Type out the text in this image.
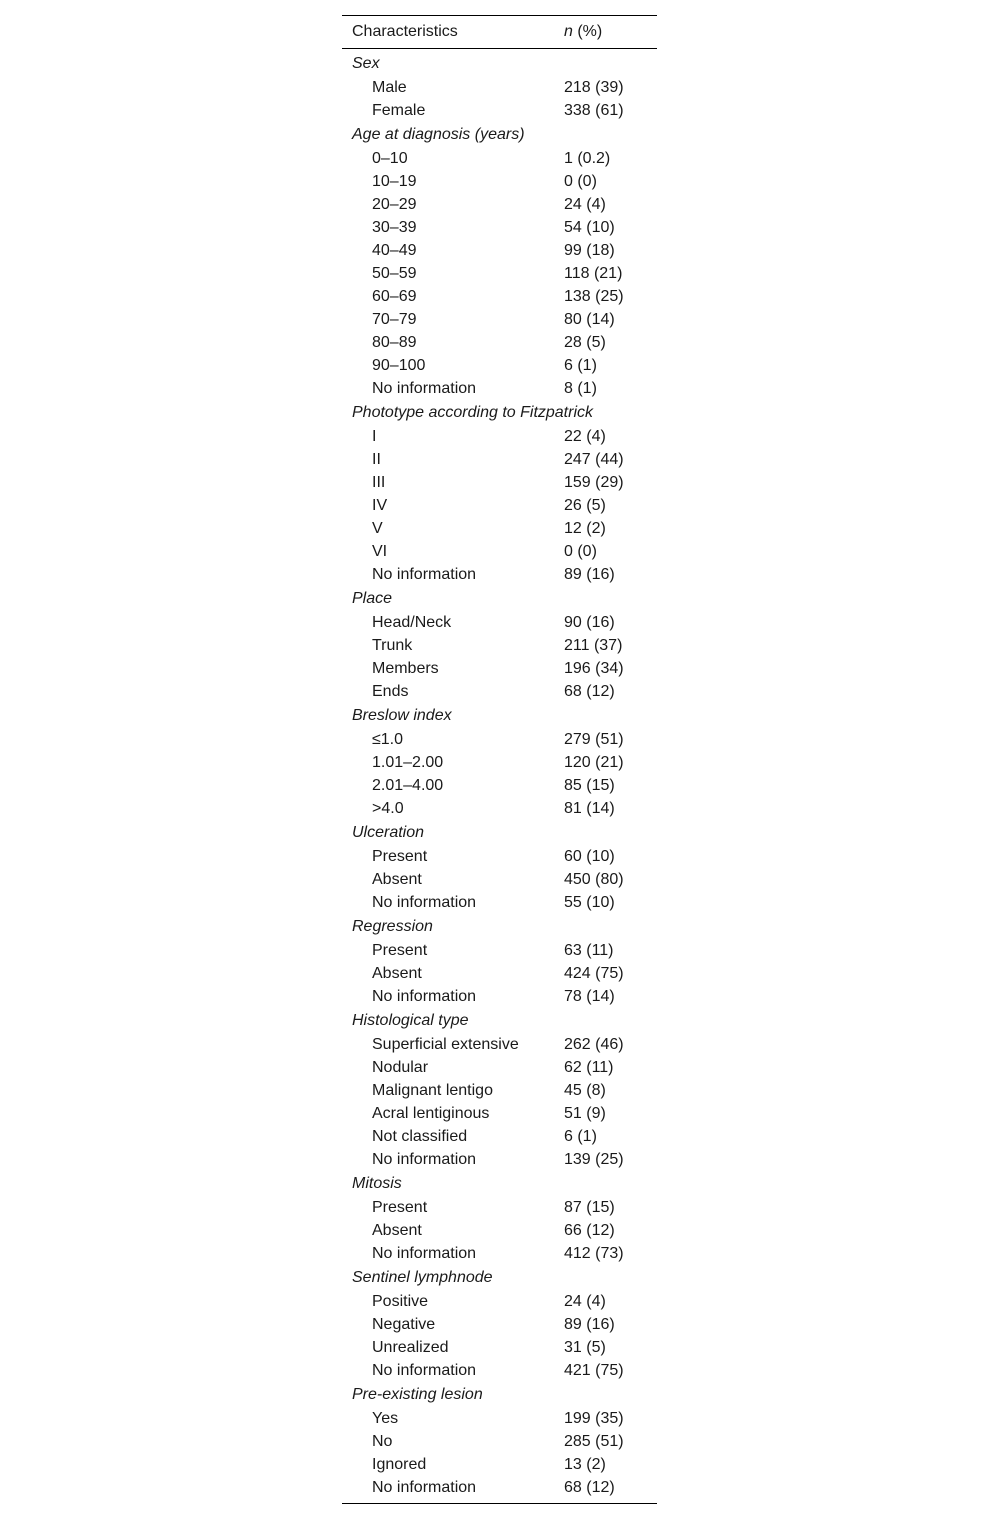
Characteristics	n (%)
Sex
Male	218 (39)
Female	338 (61)
Age at diagnosis (years)
0–10	1 (0.2)
10–19	0 (0)
20–29	24 (4)
30–39	54 (10)
40–49	99 (18)
50–59	118 (21)
60–69	138 (25)
70–79	80 (14)
80–89	28 (5)
90–100	6 (1)
No information	8 (1)
Phototype according to Fitzpatrick
I	22 (4)
II	247 (44)
III	159 (29)
IV	26 (5)
V	12 (2)
VI	0 (0)
No information	89 (16)
Place
Head/Neck	90 (16)
Trunk	211 (37)
Members	196 (34)
Ends	68 (12)
Breslow index
≤1.0	279 (51)
1.01–2.00	120 (21)
2.01–4.00	85 (15)
>4.0	81 (14)
Ulceration
Present	60 (10)
Absent	450 (80)
No information	55 (10)
Regression
Present	63 (11)
Absent	424 (75)
No information	78 (14)
Histological type
Superficial extensive	262 (46)
Nodular	62 (11)
Malignant lentigo	45 (8)
Acral lentiginous	51 (9)
Not classified	6 (1)
No information	139 (25)
Mitosis
Present	87 (15)
Absent	66 (12)
No information	412 (73)
Sentinel lymphnode
Positive	24 (4)
Negative	89 (16)
Unrealized	31 (5)
No information	421 (75)
Pre-existing lesion
Yes	199 (35)
No	285 (51)
Ignored	13 (2)
No information	68 (12)
